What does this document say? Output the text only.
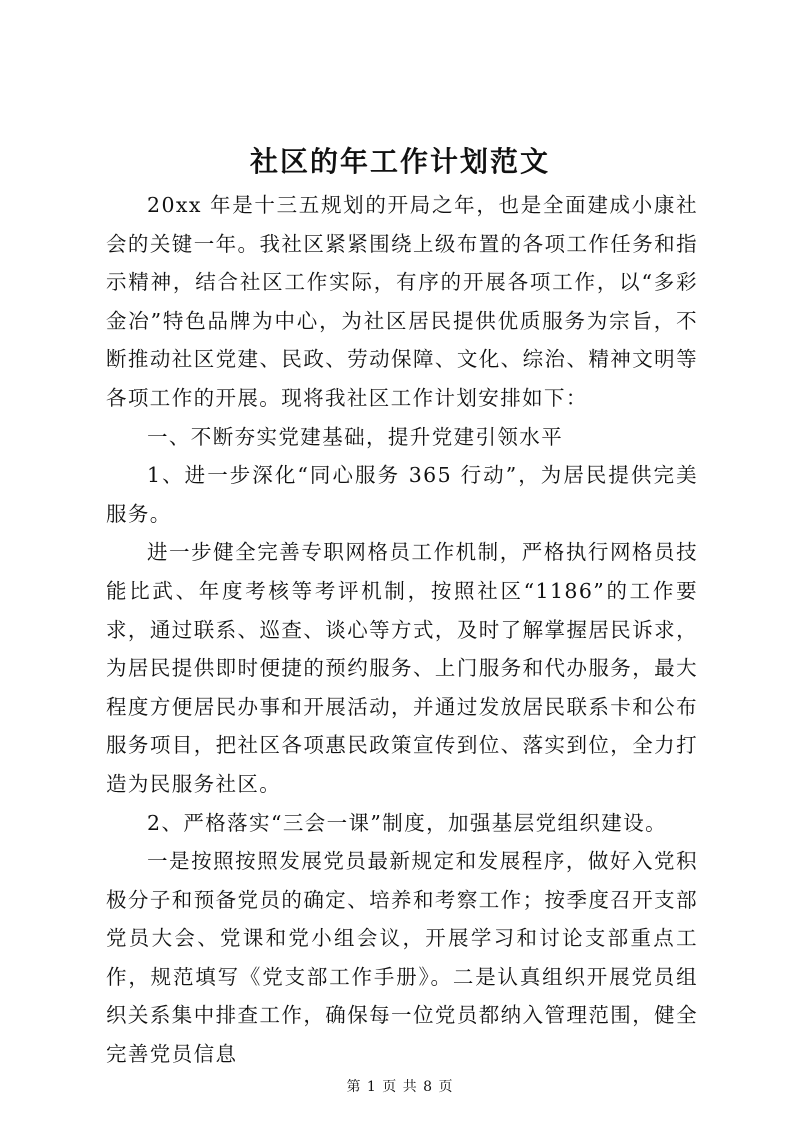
社区的年工作计划范文

20xx 年是十三五规划的开局之年，也是全面建成小康社会的关键一年。我社区紧紧围绕上级布置的各项工作任务和指示精神，结合社区工作实际，有序的开展各项工作，以“多彩金冶”特色品牌为中心，为社区居民提供优质服务为宗旨，不断推动社区党建、民政、劳动保障、文化、综治、精神文明等各项工作的开展。现将我社区工作计划安排如下：

一、不断夯实党建基础，提升党建引领水平

1、进一步深化“同心服务 365 行动”，为居民提供完美服务。

进一步健全完善专职网格员工作机制，严格执行网格员技能比武、年度考核等考评机制，按照社区“1186”的工作要求，通过联系、巡查、谈心等方式，及时了解掌握居民诉求，为居民提供即时便捷的预约服务、上门服务和代办服务，最大程度方便居民办事和开展活动，并通过发放居民联系卡和公布服务项目，把社区各项惠民政策宣传到位、落实到位，全力打造为民服务社区。

2、严格落实“三会一课”制度，加强基层党组织建设。

一是按照按照发展党员最新规定和发展程序，做好入党积极分子和预备党员的确定、培养和考察工作；按季度召开支部党员大会、党课和党小组会议，开展学习和讨论支部重点工作，规范填写《党支部工作手册》。二是认真组织开展党员组织关系集中排查工作，确保每一位党员都纳入管理范围，健全完善党员信息

第 1 页 共 8 页
